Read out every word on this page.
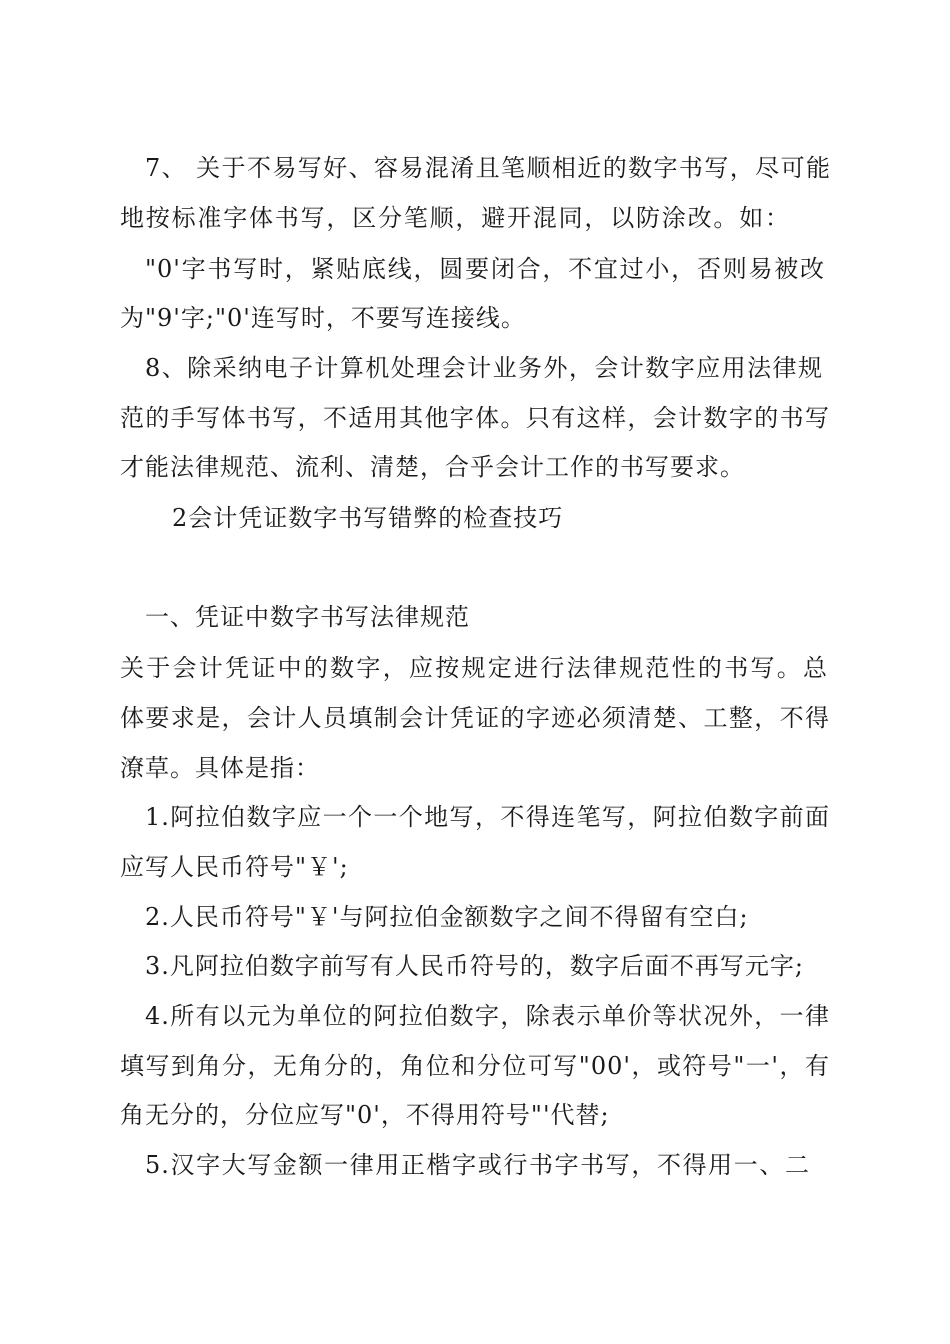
7、 关于不易写好、容易混淆且笔顺相近的数字书写，尽可能
地按标准字体书写，区分笔顺，避开混同，以防涂改。如：
"0'字书写时，紧贴底线，圆要闭合，不宜过小，否则易被改
为"9'字;"0'连写时，不要写连接线。
8、除采纳电子计算机处理会计业务外，会计数字应用法律规
范的手写体书写，不适用其他字体。只有这样，会计数字的书写
才能法律规范、流利、清楚，合乎会计工作的书写要求。
2会计凭证数字书写错弊的检查技巧
一、凭证中数字书写法律规范
关于会计凭证中的数字，应按规定进行法律规范性的书写。总
体要求是，会计人员填制会计凭证的字迹必须清楚、工整，不得
潦草。具体是指：
1.阿拉伯数字应一个一个地写，不得连笔写，阿拉伯数字前面
应写人民币符号"￥';
2.人民币符号"￥'与阿拉伯金额数字之间不得留有空白;
3.凡阿拉伯数字前写有人民币符号的，数字后面不再写元字;
4.所有以元为单位的阿拉伯数字，除表示单价等状况外，一律
填写到角分，无角分的，角位和分位可写"00'，或符号"一'，有
角无分的，分位应写"0'，不得用符号"'代替;
5.汉字大写金额一律用正楷字或行书字书写，不得用一、二
